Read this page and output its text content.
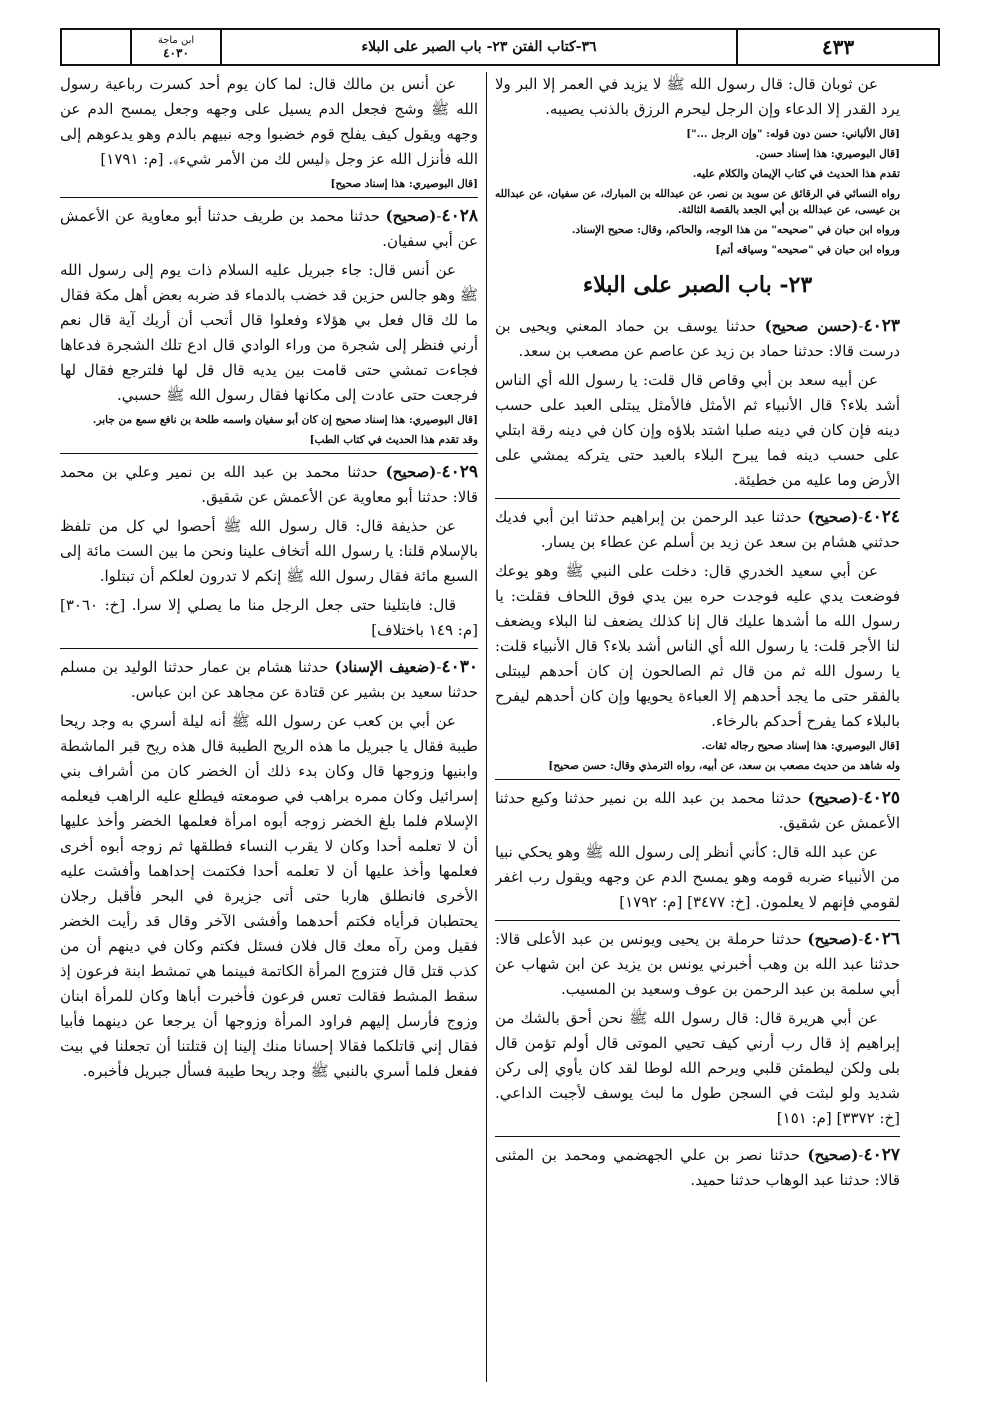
ابن ماجة
٤٠٣٠	٣٦-كتاب الفتن ٢٣- باب الصبر على البلاء	٤٣٣

عن ثوبان قال: قال رسول الله ﷺ لا يزيد في العمر إلا البر ولا يرد القدر إلا الدعاء وإن الرجل ليحرم الرزق بالذنب يصيبه.

[قال الألباني: حسن دون قوله: "وإن الرجل ..."]

[قال البوصيري: هذا إسناد حسن.

تقدم هذا الحديث في كتاب الإيمان والكلام عليه.

رواه النسائي في الرقائق عن سويد بن نصر، عن عبدالله بن المبارك، عن سفيان، عن عبدالله بن عيسى، عن عبدالله بن أبي الجعد بالقصة الثالثة.

ورواه ابن حبان في "صحيحه" من هذا الوجه، والحاكم، وقال: صحيح الإسناد.

ورواه ابن حبان في "صحيحه" وسياقه أتم]

٢٣- باب الصبر على البلاء

٤٠٢٣-(حسن صحيح) حدثنا يوسف بن حماد المعني ويحيى بن درست قالا: حدثنا حماد بن زيد عن عاصم عن مصعب بن سعد.

عن أبيه سعد بن أبي وقاص قال قلت: يا رسول الله أي الناس أشد بلاء؟ قال الأنبياء ثم الأمثل فالأمثل يبتلى العبد على حسب دينه فإن كان في دينه صلبا اشتد بلاؤه وإن كان في دينه رقة ابتلي على حسب دينه فما يبرح البلاء بالعبد حتى يتركه يمشي على الأرض وما عليه من خطيئة.

٤٠٢٤-(صحيح) حدثنا عبد الرحمن بن إبراهيم حدثنا ابن أبي فديك حدثني هشام بن سعد عن زيد بن أسلم عن عطاء بن يسار.

عن أبي سعيد الخدري قال: دخلت على النبي ﷺ وهو يوعك فوضعت يدي عليه فوجدت حره بين يدي فوق اللحاف فقلت: يا رسول الله ما أشدها عليك قال إنا كذلك يضعف لنا البلاء ويضعف لنا الأجر قلت: يا رسول الله أي الناس أشد بلاء؟ قال الأنبياء قلت: يا رسول الله ثم من قال ثم الصالحون إن كان أحدهم ليبتلى بالفقر حتى ما يجد أحدهم إلا العباءة يحويها وإن كان أحدهم ليفرح بالبلاء كما يفرح أحدكم بالرخاء.

[قال البوصيري: هذا إسناد صحيح رجاله ثقات.

وله شاهد من حديث مصعب بن سعد، عن أبيه، رواه الترمذي وقال: حسن صحيح]

٤٠٢٥-(صحيح) حدثنا محمد بن عبد الله بن نمير حدثنا وكيع حدثنا الأعمش عن شقيق.

عن عبد الله قال: كأني أنظر إلى رسول الله ﷺ وهو يحكي نبيا من الأنبياء ضربه قومه وهو يمسح الدم عن وجهه ويقول رب اغفر لقومي فإنهم لا يعلمون. [خ: ٣٤٧٧] [م: ١٧٩٢]

٤٠٢٦-(صحيح) حدثنا حرملة بن يحيى ويونس بن عبد الأعلى قالا: حدثنا عبد الله بن وهب أخبرني يونس بن يزيد عن ابن شهاب عن أبي سلمة بن عبد الرحمن بن عوف وسعيد بن المسيب.

عن أبي هريرة قال: قال رسول الله ﷺ نحن أحق بالشك من إبراهيم إذ قال رب أرني كيف تحيي الموتى قال أولم تؤمن قال بلى ولكن ليطمئن قلبي ويرحم الله لوطا لقد كان يأوي إلى ركن شديد ولو لبثت في السجن طول ما لبث يوسف لأجبت الداعي. [خ: ٣٣٧٢] [م: ١٥١]

٤٠٢٧-(صحيح) حدثنا نصر بن علي الجهضمي ومحمد بن المثنى قالا: حدثنا عبد الوهاب حدثنا حميد.

عن أنس بن مالك قال: لما كان يوم أحد كسرت رباعية رسول الله ﷺ وشج فجعل الدم يسيل على وجهه وجعل يمسح الدم عن وجهه ويقول كيف يفلح قوم خضبوا وجه نبيهم بالدم وهو يدعوهم إلى الله فأنزل الله عز وجل ﴿ليس لك من الأمر شيء﴾. [م: ١٧٩١]

[قال البوصيري: هذا إسناد صحيح]

٤٠٢٨-(صحيح) حدثنا محمد بن طريف حدثنا أبو معاوية عن الأعمش عن أبي سفيان.

عن أنس قال: جاء جبريل عليه السلام ذات يوم إلى رسول الله ﷺ وهو جالس حزين قد خضب بالدماء قد ضربه بعض أهل مكة فقال ما لك قال فعل بي هؤلاء وفعلوا قال أتحب أن أريك آية قال نعم أرني فنظر إلى شجرة من وراء الوادي قال ادع تلك الشجرة فدعاها فجاءت تمشي حتى قامت بين يديه قال قل لها فلترجع فقال لها فرجعت حتى عادت إلى مكانها فقال رسول الله ﷺ حسبي.

[قال البوصيري: هذا إسناد صحيح إن كان أبو سفيان واسمه طلحة بن نافع سمع من جابر.

وقد تقدم هذا الحديث في كتاب الطب]

٤٠٢٩-(صحيح) حدثنا محمد بن عبد الله بن نمير وعلي بن محمد قالا: حدثنا أبو معاوية عن الأعمش عن شقيق.

عن حذيفة قال: قال رسول الله ﷺ أحصوا لي كل من تلفظ بالإسلام قلنا: يا رسول الله أتخاف علينا ونحن ما بين الست مائة إلى السبع مائة فقال رسول الله ﷺ إنكم لا تدرون لعلكم أن تبتلوا.

قال: فابتلينا حتى جعل الرجل منا ما يصلي إلا سرا. [خ: ٣٠٦٠] [م: ١٤٩ باختلاف]

٤٠٣٠-(ضعيف الإسناد) حدثنا هشام بن عمار حدثنا الوليد بن مسلم حدثنا سعيد بن بشير عن قتادة عن مجاهد عن ابن عباس.

عن أبي بن كعب عن رسول الله ﷺ أنه ليلة أسري به وجد ريحا طيبة فقال يا جبريل ما هذه الريح الطيبة قال هذه ريح قبر الماشطة وابنيها وزوجها قال وكان بدء ذلك أن الخضر كان من أشراف بني إسرائيل وكان ممره براهب في صومعته فيطلع عليه الراهب فيعلمه الإسلام فلما بلغ الخضر زوجه أبوه امرأة فعلمها الخضر وأخذ عليها أن لا تعلمه أحدا وكان لا يقرب النساء فطلقها ثم زوجه أبوه أخرى فعلمها وأخذ عليها أن لا تعلمه أحدا فكتمت إحداهما وأفشت عليه الأخرى فانطلق هاربا حتى أتى جزيرة في البحر فأقبل رجلان يحتطبان فرأياه فكتم أحدهما وأفشى الآخر وقال قد رأيت الخضر فقيل ومن رآه معك قال فلان فسئل فكتم وكان في دينهم أن من كذب قتل قال فتزوج المرأة الكاتمة فبينما هي تمشط ابنة فرعون إذ سقط المشط فقالت تعس فرعون فأخبرت أباها وكان للمرأة ابنان وزوج فأرسل إليهم فراود المرأة وزوجها أن يرجعا عن دينهما فأبيا فقال إني قاتلكما فقالا إحسانا منك إلينا إن قتلتنا أن تجعلنا في بيت ففعل فلما أسري بالنبي ﷺ وجد ريحا طيبة فسأل جبريل فأخبره.
